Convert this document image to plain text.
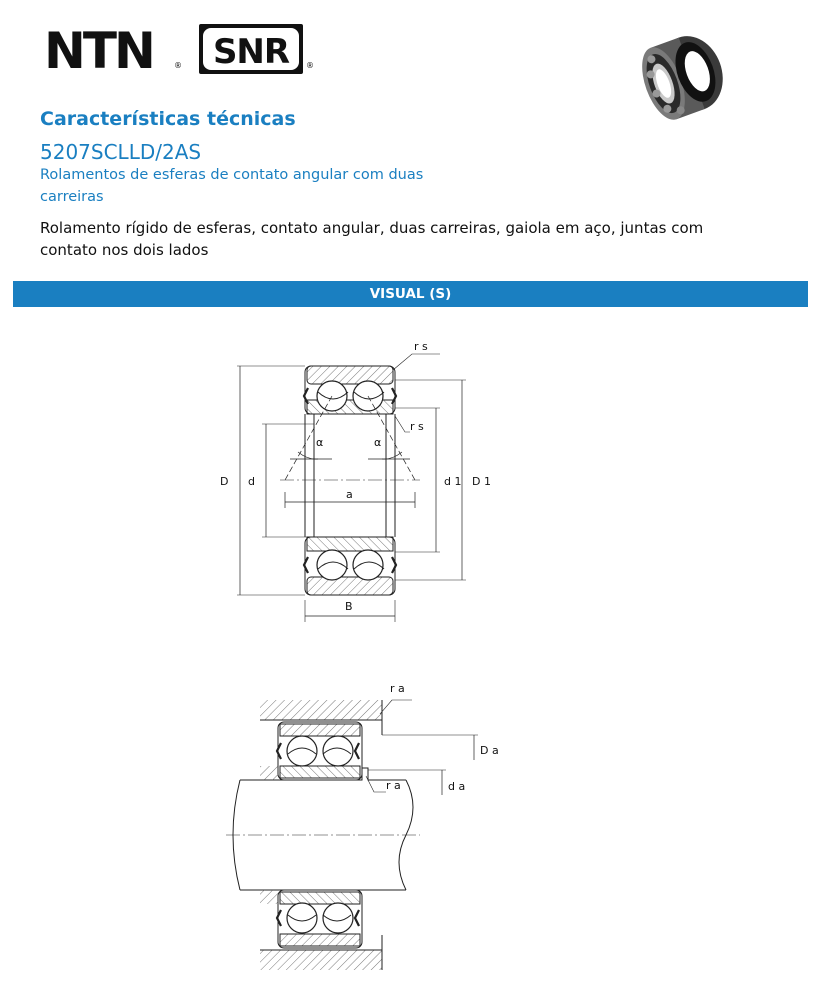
NTN	® SNR ®
Características técnicas
5207SCLLD/2AS
Rolamentos de esferas de contato angular com duas carreiras
Rolamento rígido de esferas, contato angular, duas carreiras, gaiola em aço, juntas com contato nos dois lados
VISUAL (S)
r s
r s
α	α
D d
a
d 1 D 1
B
r a
r a
D a
d a
